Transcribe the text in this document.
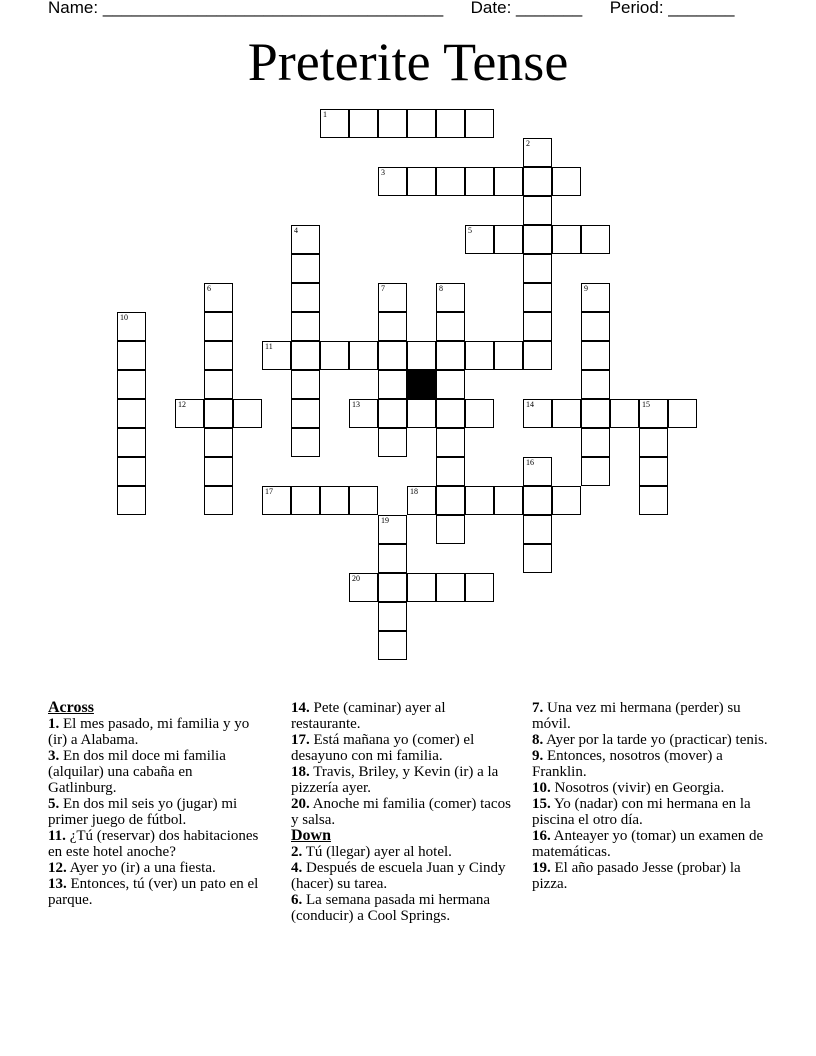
Name: ____________________________________ Date: _______ Period: _______
Preterite Tense
1
2
3
4	5
6	7	8	9
10
11
12	13	14	15
16
17	18
19
20
Across
1. El mes pasado, mi familia y yo (ir) a Alabama.
3. En dos mil doce mi familia (alquilar) una cabaña en Gatlinburg.
5. En dos mil seis yo (jugar) mi primer juego de fútbol.
11. ¿Tú (reservar) dos habitaciones en este hotel anoche?
12. Ayer yo (ir) a una fiesta.
13. Entonces, tú (ver) un pato en el parque.
14. Pete (caminar) ayer al restaurante.
17. Está mañana yo (comer) el desayuno con mi familia.
18. Travis, Briley, y Kevin (ir) a la pizzería ayer.
20. Anoche mi familia (comer) tacos y salsa.
Down
2. Tú (llegar) ayer al hotel.
4. Después de escuela Juan y Cindy (hacer) su tarea.
6. La semana pasada mi hermana (conducir) a Cool Springs.
7. Una vez mi hermana (perder) su móvil.
8. Ayer por la tarde yo (practicar) tenis.
9. Entonces, nosotros (mover) a Franklin.
10. Nosotros (vivir) en Georgia.
15. Yo (nadar) con mi hermana en la piscina el otro día.
16. Anteayer yo (tomar) un examen de matemáticas.
19. El año pasado Jesse (probar) la pizza.
